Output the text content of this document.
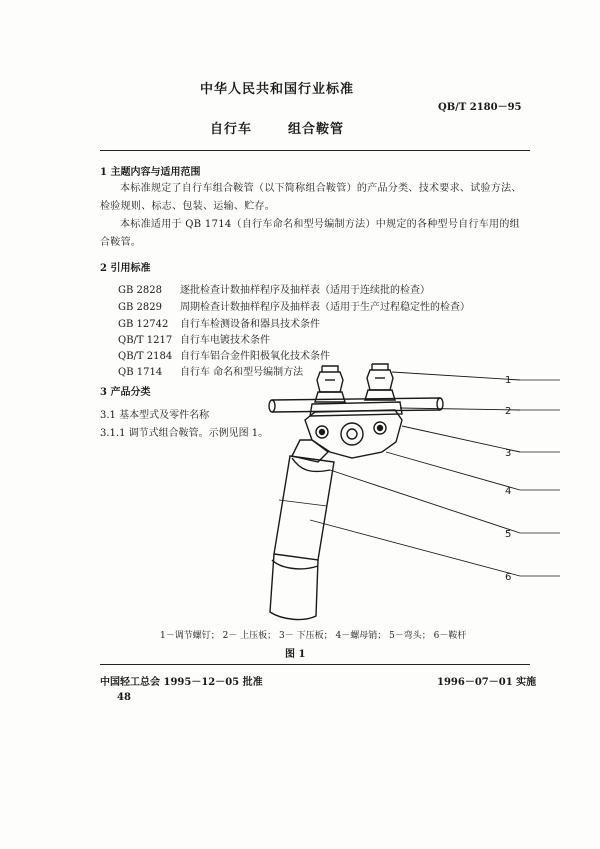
中华人民共和国行业标准
QB/T 2180－95
自行车	组合鞍管
1 主题内容与适用范围
本标准规定了自行车组合鞍管（以下简称组合鞍管）的产品分类、技术要求、试验方法、检验规则、标志、包装、运输、贮存。
本标准适用于 QB 1714（自行车命名和型号编制方法）中规定的各种型号自行车用的组合鞍管。
2 引用标准
GB 2828 逐批检查计数抽样程序及抽样表（适用于连续批的检查）
GB 2829 周期检查计数抽样程序及抽样表（适用于生产过程稳定性的检查）
GB 12742 自行车检测设备和器具技术条件
QB/T 1217 自行车电镀技术条件
QB/T 2184 自行车铝合金件阳极氧化技术条件
QB 1714 自行车 命名和型号编制方法
3 产品分类
3.1 基本型式及零件名称
3.1.1 调节式组合鞍管。示例见图 1。
1
2
3
4
5
6
1－调节螺钉； 2－ 上压板； 3－ 下压板； 4－螺母销； 5－弯头； 6－鞍杆
图 1
中国轻工总会 1995－12－05 批准	1996－07－01 实施
48
